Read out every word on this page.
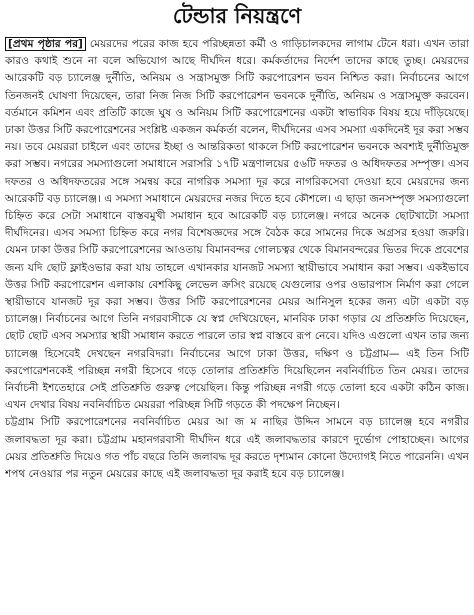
টেন্ডার নিয়ন্ত্রণে

[প্রথম পৃষ্ঠার পর] মেয়রদের পরের কাজ হবে পরিচ্ছন্নতা কর্মী ও গাড়িচালকদের লাগাম টেনে ধরা। এখন তারা কারও কথাই শুনে না বলে অভিযোগ আছে দীর্ঘদিন ধরে। কর্মকর্তাদের নির্দেশ তাদের কাছে তুচ্ছ। মেয়রদের আরেকটি বড় চ্যালেঞ্জ দুর্নীতি, অনিয়ম ও সন্ত্রাসমুক্ত সিটি করপোরেশন ভবন নিশ্চিত করা। নির্বাচনের আগে তিনজনই ঘোষণা দিয়েছেন, তারা নিজ নিজ সিটি করপোরেশন ভবনকে দুর্নীতি, অনিয়ম ও সন্ত্রাসমুক্ত করবেন। বর্তমানে কমিশন এবং প্রতিটি কাজে ঘুষ ও অনিয়ম সিটি করপোরেশনের একটা স্বাভাবিক বিষয় হয়ে দাঁড়িয়েছে। ঢাকা উত্তর সিটি করপোরেশনের সংশ্লিষ্ট একজন কর্মকর্তা বলেন, দীর্ঘদিনের এসব সমস্যা একদিনেই দূর করা সম্ভব নয়। তবে মেয়ররা চাইলে এবং তাদের ইচ্ছা ও আন্তরিকতা থাকলে সিটি করপোরেশন ভবনকে অবশ্যই দুর্নীতিমুক্ত করা সম্ভব। নগরের সমস্যাগুলো সমাধানে সরাসরি ১৭টি মন্ত্রণালয়ের ৫৬টি দফতর ও অধিদফতর সম্পৃক্ত। এসব দফতর ও অধিদফতরের সঙ্গে সমন্বয় করে নাগরিক সমস্যা দূর করে নাগরিকসেবা দেওয়া হবে মেয়রদের জন্য আরেকটি বড় চ্যালেঞ্জ। এ সমস্যা সমাধানে মেয়রদের নজর দিতে হবে কৌশলে। এ ছাড়া জনসম্পৃক্ত সমস্যাগুলো চিহ্নিত করে সেটা সমাধানে বাস্তবমুখী সমাধান হবে আরেকটি বড় চ্যালেঞ্জ। নগরে অনেক ছোটখাটো সমস্যা দীর্ঘদিনের। এসব সমস্যা চিহ্নিত করে নগর বিশেষজ্ঞদের সঙ্গে বৈঠক করে সামনের দিকে অগ্রসর হওয়া জরুরি। যেমন ঢাকা উত্তর সিটি করপোরেশনের আওতায় বিমানবন্দর গোলচত্বর থেকে বিমানবন্দরের ভিতর দিকে প্রবেশের জন্য যদি ছোট ফ্লাইওভার করা যায় তাহলে এখানকার যানজট সমস্যা স্থায়ীভাবে সমাধান করা সম্ভব। একইভাবে উত্তর সিটি করপোরেশন এলাকায় বেশকিছু লেভেল ক্রসিং রয়েছে যেগুলোর ওপর ওভারপাস নির্মাণ করা গেলে স্থায়ীভাবে যানজট দূর করা সম্ভব। উত্তর সিটি করপোরেশনের মেয়র আনিসুল হকের জন্য এটা একটা বড় চ্যালেঞ্জ। নির্বাচনের আগে তিনি নগরবাসীকে যে স্বপ্ন দেখিয়েছেন, মানবিক ঢাকা গড়ার যে প্রতিশ্রুতি দিয়েছেন, ছোট ছোট এসব সমস্যার স্থায়ী সমাধান করতে পারলে তার স্বপ্ন বাস্তবে রূপ নেবে। যদিও এগুলো এখন তার জন্য চ্যালেঞ্জ হিসেবেই দেখছেন নগরবিদরা। নির্বাচনের আগে ঢাকা উত্তর, দক্ষিণ ও চট্টগ্রাম— এই তিন সিটি করপোরেশনকেই পরিচ্ছন্ন নগরী হিসেবে গড়ে তোলার প্রতিশ্রুতি দিয়েছিলেন নবনির্বাচিত তিন মেয়র। তাদের নির্বাচনী ইশতেহারে সেই প্রতিশ্রুতি গুরুত্ব পেয়েছিল। কিন্তু পরিচ্ছন্ন নগরী গড়ে তোলা হবে একটা কঠিন কাজ। এখন দেখার বিষয় নবনির্বাচিত মেয়ররা পরিচ্ছন্ন সিটি গড়তে কী পদক্ষেপ নিচ্ছেন।

চট্টগ্রাম সিটি করপোরেশনের নবনির্বাচিত মেয়র আ জ ম নাছির উদ্দিন সামনে বড় চ্যালেঞ্জ হবে নগরীর জলাবদ্ধতা দূর করা। চট্টগ্রাম মহানগরবাসী দীর্ঘদিন ধরে এই জলাবদ্ধতার কারণে দুর্ভোগ পোহাচ্ছেন। আগের মেয়র প্রতিশ্রুতি দিয়েও গত পাঁচ বছরে তিনি জলাবদ্ধ দূর করতে দৃশ্যমান কোনো উদ্যোগই নিতে পারেননি। এখন শপথ নেওয়ার পর নতুন মেয়রের কাছে এই জলাবদ্ধতা দূর করাই হবে বড় চ্যালেঞ্জ।
